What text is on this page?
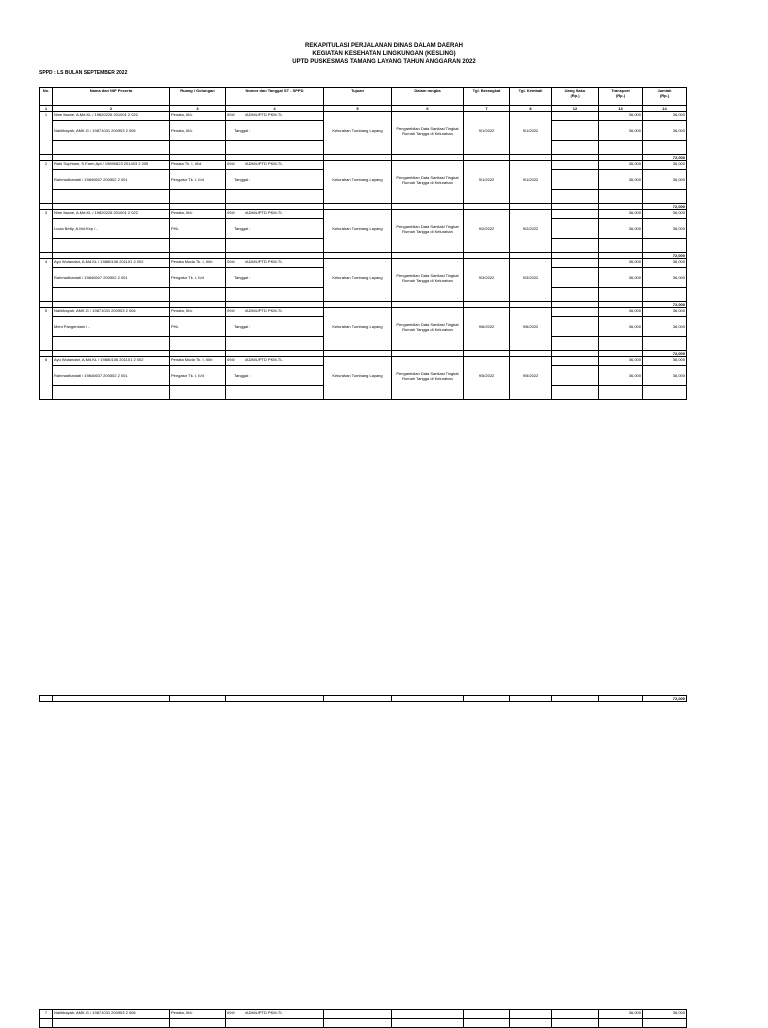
REKAPITULASI PERJALANAN DINAS DALAM DAERAH
KEGIATAN KESEHATAN LINGKUNGAN (KESLING)
UPTD PUSKESMAS TAMANG LAYANG TAHUN ANGGARAN 2022
SPPD : LS BULAN SEPTEMBER 2022
No.	Nama dan NIP Peserta	Ruang / Golongan	Nomor dan Tanggal ST - SPPD	Tujuan	Dalam rangka	Tgl. Berangkat	Tgl. Kembali	Uang Saku
(Rp.)	Transport
(Rp.)	Jumlah
(Rp.)
1	2	3	4	5	6	7	8	12	13	14
1	Nine Ilsane, A.Md.KL / 19820226 201001 2 022	Penata, III/c	094/ /ADM/UPTD PKM-TL						36,000	36,000
	Nahlibayah, AMK.G / 19871031 200903 2 006	Penata, III/c	Tanggal :	Kelurahan Tumbang Layang	Pengambilan Data Sanitasi Tingkat Rumah Tangga di Kelurahan	9/1/2022	9/1/2022		36,000	36,000

										72,000
2	Rahi Sophiam, S.Farm,Apt / 19890823 201403 2 005	Penata Tk. I, III/d	094/ /ADM/UPTD PKM-TL						36,000	36,000
	Rahmadhaniati / 19840607 200502 2 001	Pengatur Tk. I, II/d	Tanggal :	Kelurahan Tumbang Layang	Pengambilan Data Sanitasi Tingkat Rumah Tangga di Kelurahan	9/1/2022	9/1/2022		36,000	36,000

										72,000
3	Nine Ilsane, A.Md.KL / 19820226 201001 2 022	Penata, III/c	094/ /ADM/UPTD PKM-TL						36,000	36,000
	Lucia Betty, A.Md.Kep / -	PHL	Tanggal :	Kelurahan Tumbang Layang	Pengambilan Data Sanitasi Tingkat Rumah Tangga di Kelurahan	9/2/2022	9/2/2022		36,000	36,000

										72,000
4	Ayu Wulandari, A.Md.KL / 19880106 201101 2 002	Penata Muda Tk. I, III/b	094/ /ADM/UPTD PKM-TL						36,000	36,000
	Rahmadhaniati / 19840607 200502 2 001	Pengatur Tk. I, II/d	Tanggal :	Kelurahan Tumbang Layang	Pengambilan Data Sanitasi Tingkat Rumah Tangga di Kelurahan	9/3/2022	9/3/2022		36,000	36,000

										72,000
5	Nahlibayah, AMK.G / 19871031 200903 2 006	Penata, III/c	094/ /ADM/UPTD PKM-TL						36,000	36,000
	Meni Pangemiani / -	PHL	Tanggal :	Kelurahan Tumbang Layang	Pengambilan Data Sanitasi Tingkat Rumah Tangga di Kelurahan	9/6/2022	9/6/2022		36,000	36,000

										72,000
6	Ayu Wulandari, A.Md.KL / 19880106 201101 2 002	Penata Muda Tk. I, III/b	094/ /ADM/UPTD PKM-TL						36,000	36,000
	Rahmadhaniati / 19840607 200502 2 001	Pengatur Tk. I, II/d	Tanggal :	Kelurahan Tumbang Layang	Pengambilan Data Sanitasi Tingkat Rumah Tangga di Kelurahan	9/5/2022	9/5/2022		36,000	36,000

										72,000
7	Nahlibayah, AMK.G / 19871031 200903 2 006	Penata, III/c	094/ /ADM/UPTD PKM-TL						36,000	36,000
